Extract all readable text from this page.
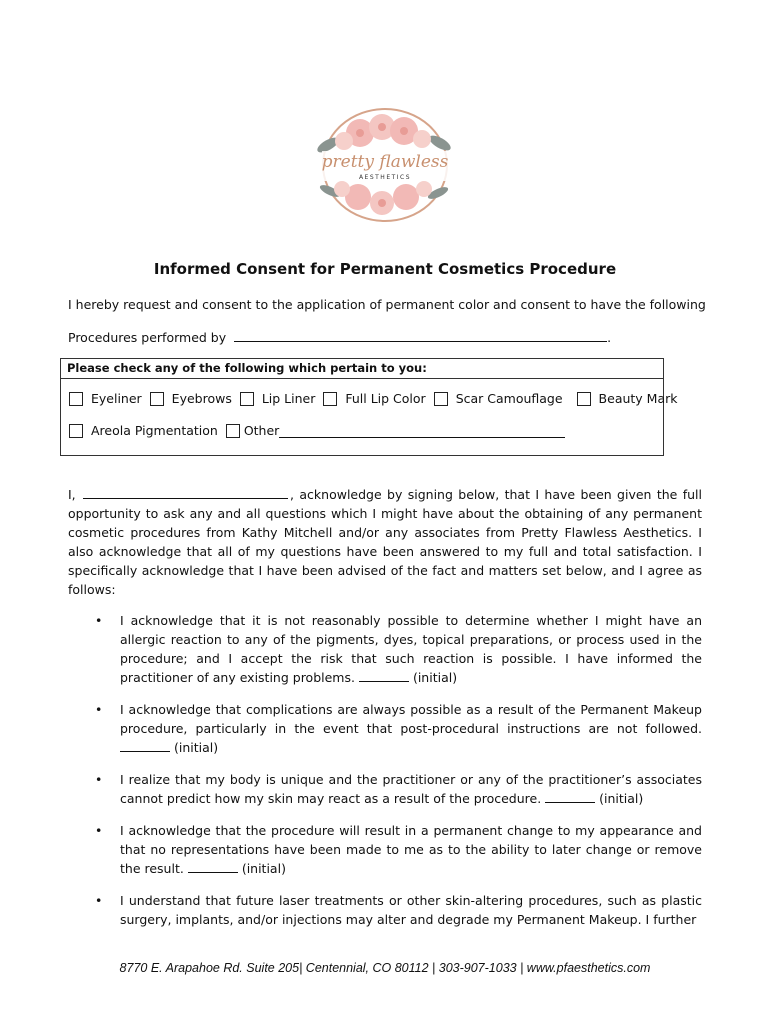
pretty flawless
AESTHETICS
Informed Consent for Permanent Cosmetics Procedure
I hereby request and consent to the application of permanent color and consent to have the following
Procedures performed by	.
Please check any of the following which pertain to you:
Eyeliner
Eyebrows
Lip Liner
Full Lip Color
Scar Camouflage
	Beauty Mark
Areola Pigmentation
Other
I,	, acknowledge by signing below, that I have been given the full opportunity to ask any and all questions which I might have about the obtaining of any permanent cosmetic procedures from Kathy Mitchell and/or any associates from Pretty Flawless Aesthetics. I also acknowledge that all of my questions have been answered to my full and total satisfaction. I specifically acknowledge that I have been advised of the fact and matters set below, and I agree as follows:
• I acknowledge that it is not reasonably possible to determine whether I might have an allergic reaction to any of the pigments, dyes, topical preparations, or process used in the procedure; and I accept the risk that such reaction is possible. I have informed the practitioner of any existing problems.	(initial)
• I acknowledge that complications are always possible as a result of the Permanent Makeup procedure, particularly in the event that post-procedural instructions are not followed. (initial)
• I realize that my body is unique and the practitioner or any of the practitioner’s associates cannot predict how my skin may react as a result of the procedure.	(initial)
• I acknowledge that the procedure will result in a permanent change to my appearance and that no representations have been made to me as to the ability to later change or remove the result.	(initial)
• I understand that future laser treatments or other skin-altering procedures, such as plastic surgery, implants, and/or injections may alter and degrade my Permanent Makeup. I further
8770 E. Arapahoe Rd. Suite 205| Centennial, CO 80112 | 303-907-1033 | www.pfaesthetics.com
